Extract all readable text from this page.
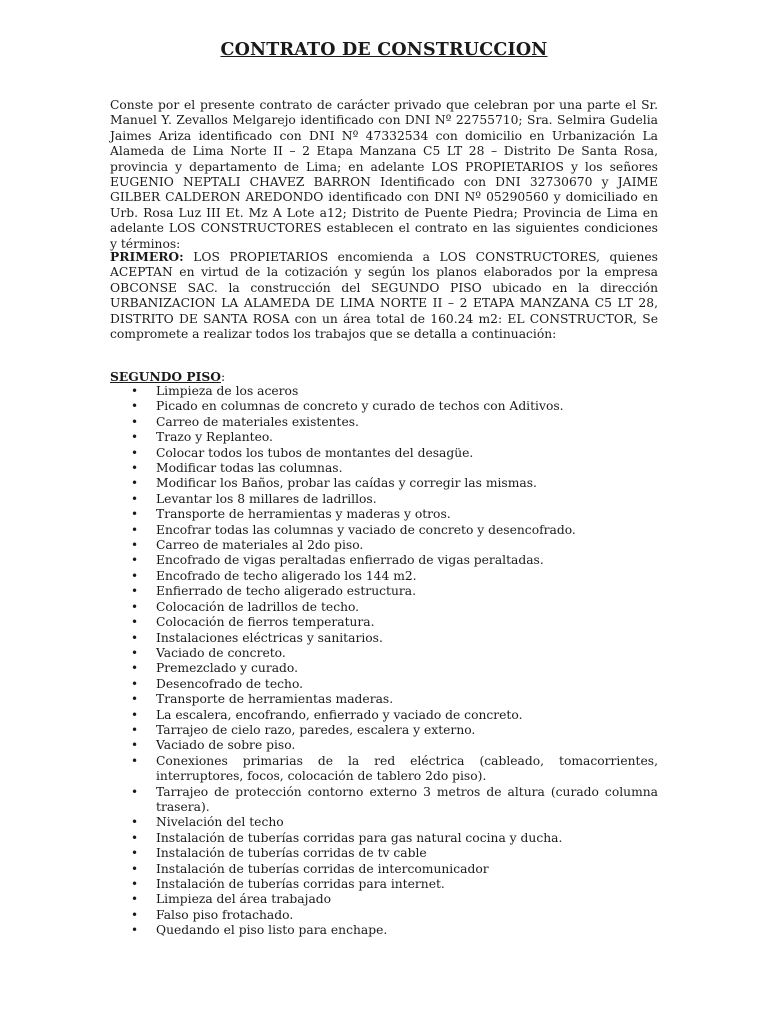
CONTRATO DE CONSTRUCCION

Conste por el presente contrato de carácter privado que celebran por una parte el Sr. Manuel Y. Zevallos Melgarejo identificado con DNI Nº 22755710; Sra. Selmira Gudelia Jaimes Ariza identificado con DNI Nº 47332534 con domicilio en Urbanización La Alameda de Lima Norte II – 2 Etapa Manzana C5 LT 28 – Distrito De Santa Rosa, provincia y departamento de Lima; en adelante LOS PROPIETARIOS y los señores EUGENIO NEPTALI CHAVEZ BARRON Identificado con DNI 32730670 y JAIME GILBER CALDERON AREDONDO identificado con DNI Nº 05290560 y domiciliado en Urb. Rosa Luz III Et. Mz A Lote a12; Distrito de Puente Piedra; Provincia de Lima en adelante LOS CONSTRUCTORES establecen el contrato en las siguientes condiciones y términos:

PRIMERO: LOS PROPIETARIOS encomienda a LOS CONSTRUCTORES, quienes ACEPTAN en virtud de la cotización y según los planos elaborados por la empresa OBCONSE SAC. la construcción del SEGUNDO PISO ubicado en la dirección URBANIZACION LA ALAMEDA DE LIMA NORTE II – 2 ETAPA MANZANA C5 LT 28, DISTRITO DE SANTA ROSA con un área total de 160.24 m2: EL CONSTRUCTOR, Se compromete a realizar todos los trabajos que se detalla a continuación:

SEGUNDO PISO:
• Limpieza de los aceros
• Picado en columnas de concreto y curado de techos con Aditivos.
• Carreo de materiales existentes.
• Trazo y Replanteo.
• Colocar todos los tubos de montantes del desagüe.
• Modificar todas las columnas.
• Modificar los Baños, probar las caídas y corregir las mismas.
• Levantar los 8 millares de ladrillos.
• Transporte de herramientas y maderas y otros.
• Encofrar todas las columnas y vaciado de concreto y desencofrado.
• Carreo de materiales al 2do piso.
• Encofrado de vigas peraltadas enfierrado de vigas peraltadas.
• Encofrado de techo aligerado los 144 m2.
• Enfierrado de techo aligerado estructura.
• Colocación de ladrillos de techo.
• Colocación de fierros temperatura.
• Instalaciones eléctricas y sanitarios.
• Vaciado de concreto.
• Premezclado y curado.
• Desencofrado de techo.
• Transporte de herramientas maderas.
• La escalera, encofrando, enfierrado y vaciado de concreto.
• Tarrajeo de cielo razo, paredes, escalera y externo.
• Vaciado de sobre piso.
• Conexiones primarias de la red eléctrica (cableado, tomacorrientes, interruptores, focos, colocación de tablero 2do piso).
• Tarrajeo de protección contorno externo 3 metros de altura (curado columna trasera).
• Nivelación del techo
• Instalación de tuberías corridas para gas natural cocina y ducha.
• Instalación de tuberías corridas de tv cable
• Instalación de tuberías corridas de intercomunicador
• Instalación de tuberías corridas para internet.
• Limpieza del área trabajado
• Falso piso frotachado.
• Quedando el piso listo para enchape.
